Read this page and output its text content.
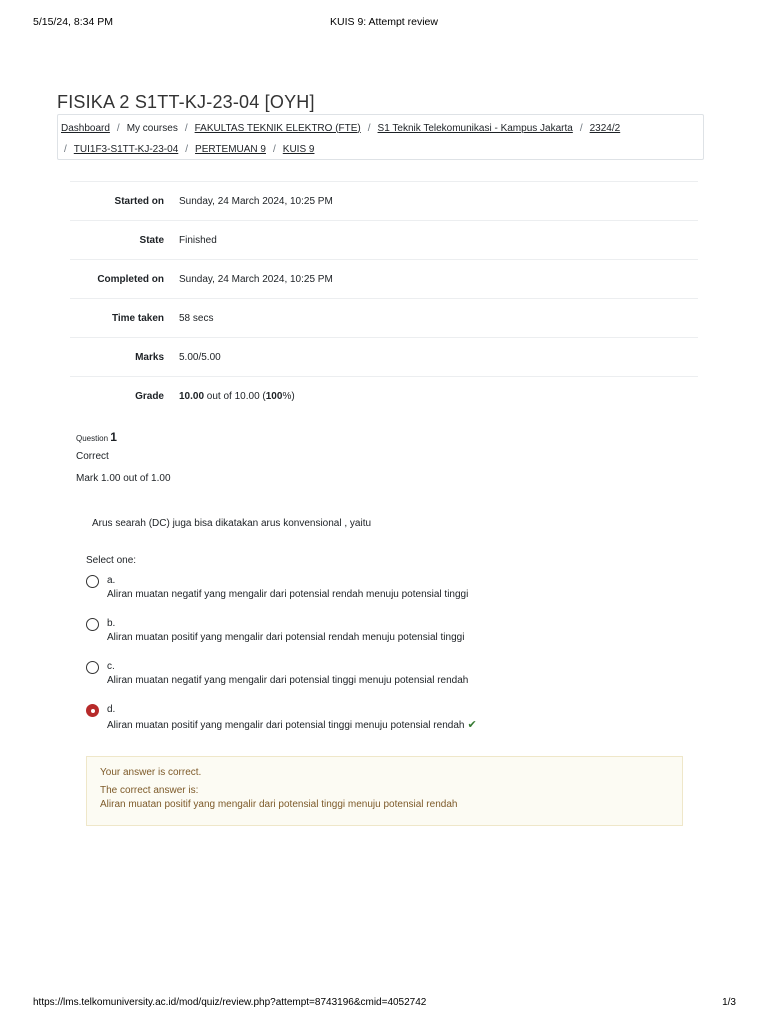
5/15/24, 8:34 PM	KUIS 9: Attempt review
FISIKA 2 S1TT-KJ-23-04 [OYH]
Dashboard / My courses / FAKULTAS TEKNIK ELEKTRO (FTE) / S1 Teknik Telekomunikasi - Kampus Jakarta / 2324/2
/ TUI1F3-S1TT-KJ-23-04 / PERTEMUAN 9 / KUIS 9
Started on Sunday, 24 March 2024, 10:25 PM
State Finished
Completed on Sunday, 24 March 2024, 10:25 PM
Time taken 58 secs
Marks 5.00/5.00
Grade 10.00 out of 10.00 (100%)
Question 1
Correct
Mark 1.00 out of 1.00
Arus searah (DC) juga bisa dikatakan arus konvensional , yaitu
Select one:
a.
Aliran muatan negatif yang mengalir dari potensial rendah menuju potensial tinggi
b.
Aliran muatan positif yang mengalir dari potensial rendah menuju potensial tinggi
c.
Aliran muatan negatif yang mengalir dari potensial tinggi menuju potensial rendah
d.
Aliran muatan positif yang mengalir dari potensial tinggi menuju potensial rendah ✔
Your answer is correct.
The correct answer is:
Aliran muatan positif yang mengalir dari potensial tinggi menuju potensial rendah
https://lms.telkomuniversity.ac.id/mod/quiz/review.php?attempt=8743196&cmid=4052742	1/3
